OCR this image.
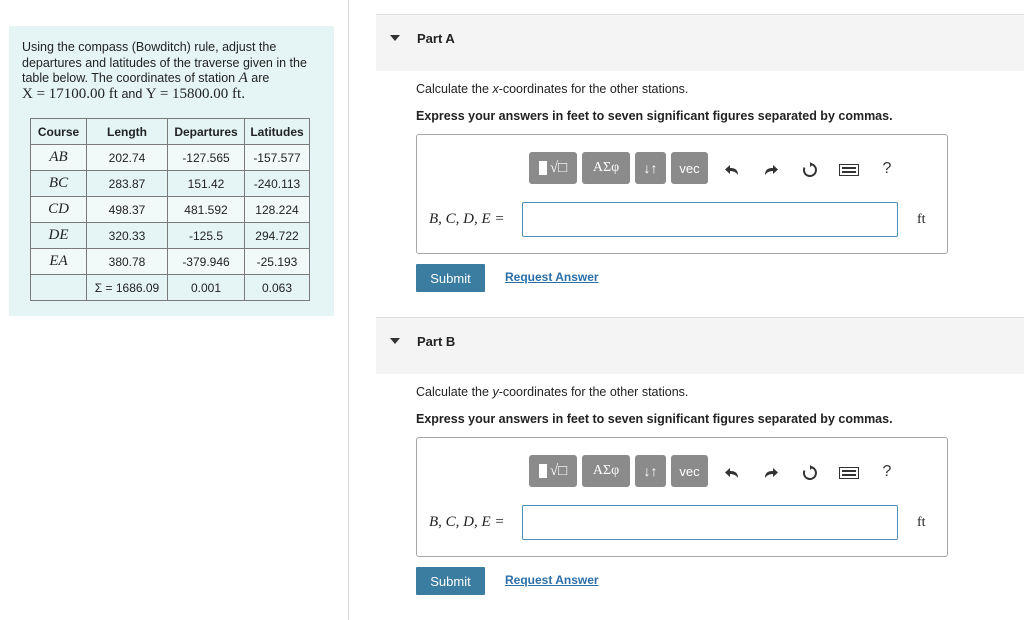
Using the compass (Bowditch) rule, adjust the departures and latitudes of the traverse given in the table below. The coordinates of station A are
X = 17100.00 ft and Y = 15800.00 ft.
Course	Length	Departures	Latitudes
AB	202.74	-127.565	-157.577
BC	283.87	151.42	-240.113
CD	498.37	481.592	128.224
DE	320.33	-125.5	294.722
EA	380.78	-379.946	-25.193
	Σ = 1686.09	0.001	0.063
Part A
Calculate the x-coordinates for the other stations.
Express your answers in feet to seven significant figures separated by commas.
√□	ΑΣφ	↓↑	vec	?
B, C, D, E =	ft
Submit	Request Answer
Part B
Calculate the y-coordinates for the other stations.
Express your answers in feet to seven significant figures separated by commas.
√□	ΑΣφ	↓↑	vec	?
B, C, D, E =	ft
Submit	Request Answer
